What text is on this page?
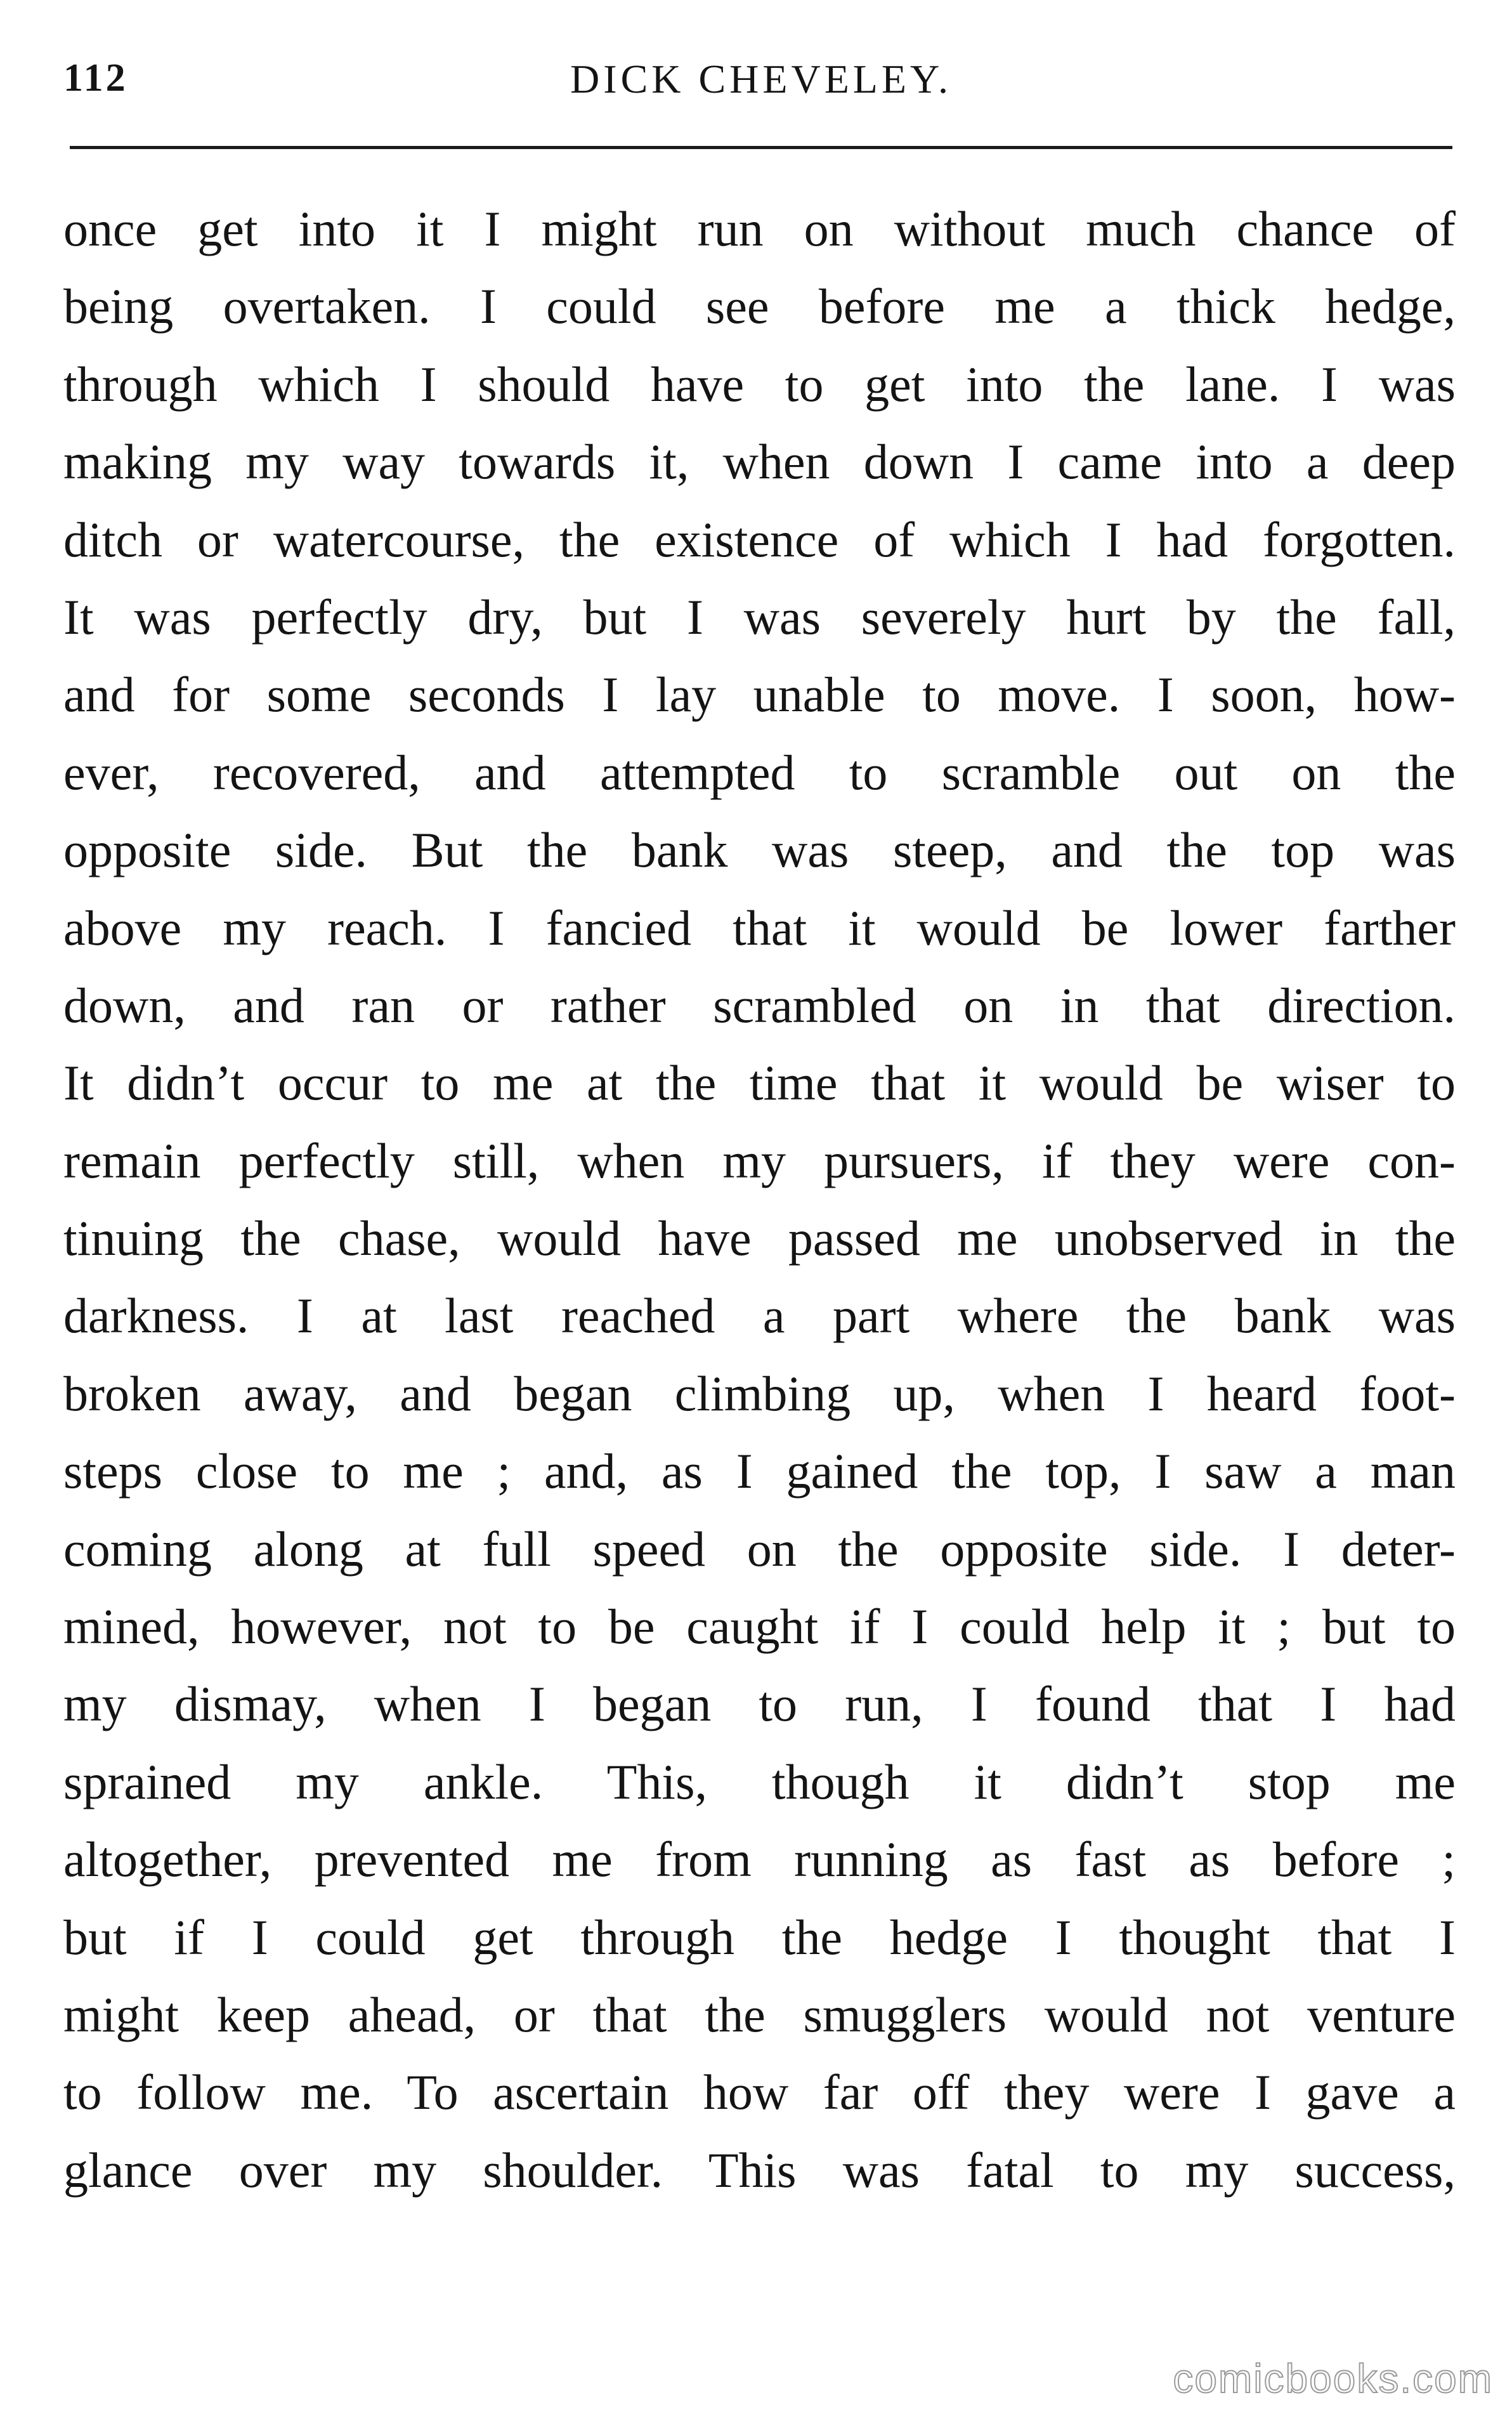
112	DICK CHEVELEY.
once get into it I might run on without much chance of
being overtaken. I could see before me a thick hedge,
through which I should have to get into the lane. I was
making my way towards it, when down I came into a deep
ditch or watercourse, the existence of which I had forgotten.
It was perfectly dry, but I was severely hurt by the fall,
and for some seconds I lay unable to move. I soon, how-
ever, recovered, and attempted to scramble out on the
opposite side. But the bank was steep, and the top was
above my reach. I fancied that it would be lower farther
down, and ran or rather scrambled on in that direction.
It didn’t occur to me at the time that it would be wiser to
remain perfectly still, when my pursuers, if they were con-
tinuing the chase, would have passed me unobserved in the
darkness. I at last reached a part where the bank was
broken away, and began climbing up, when I heard foot-
steps close to me ; and, as I gained the top, I saw a man
coming along at full speed on the opposite side. I deter-
mined, however, not to be caught if I could help it ; but to
my dismay, when I began to run, I found that I had
sprained my ankle. This, though it didn’t stop me
altogether, prevented me from running as fast as before ;
but if I could get through the hedge I thought that I
might keep ahead, or that the smugglers would not venture
to follow me. To ascertain how far off they were I gave a
glance over my shoulder. This was fatal to my success,
comicbooks.com
